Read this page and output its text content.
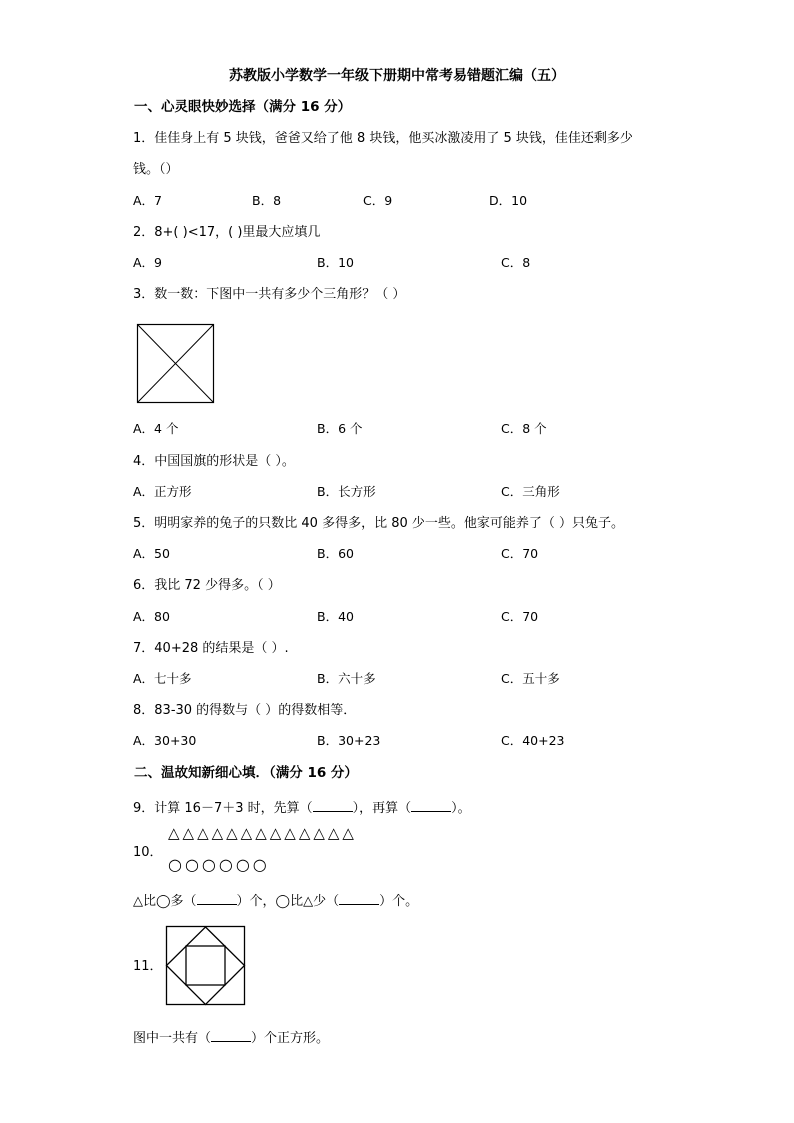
苏教版小学数学一年级下册期中常考易错题汇编（五）
一、心灵眼快妙选择（满分 16 分）
1．佳佳身上有 5 块钱，爸爸又给了他 8 块钱，他买冰激凌用了 5 块钱，佳佳还剩多少
钱。（）
A．7	B．8	C．9	D．10
2．8+( )<17，( )里最大应填几
A．9	B．10	C．8
3．数一数：下图中一共有多少个三角形？（ ）
A．4 个	B．6 个	C．8 个
4．中国国旗的形状是（ ）。
A．正方形	B．长方形	C．三角形
5．明明家养的兔子的只数比 40 多得多，比 80 少一些。他家可能养了（ ）只兔子。
A．50	B．60	C．70
6．我比 72 少得多。（ ）
A．80	B．40	C．70
7．40+28 的结果是（ ）.
A．七十多	B．六十多	C．五十多
8．83-30 的得数与（ ）的得数相等．
A．30+30	B．30+23	C．40+23
二、温故知新细心填．（满分 16 分）
9．计算 16－7＋3 时，先算（	），再算（	）。
△△△△△△△△△△△△△
10．
○○○○○○
△比◯多（	）个，◯比△少（	）个。
11．
图中一共有（	）个正方形。
